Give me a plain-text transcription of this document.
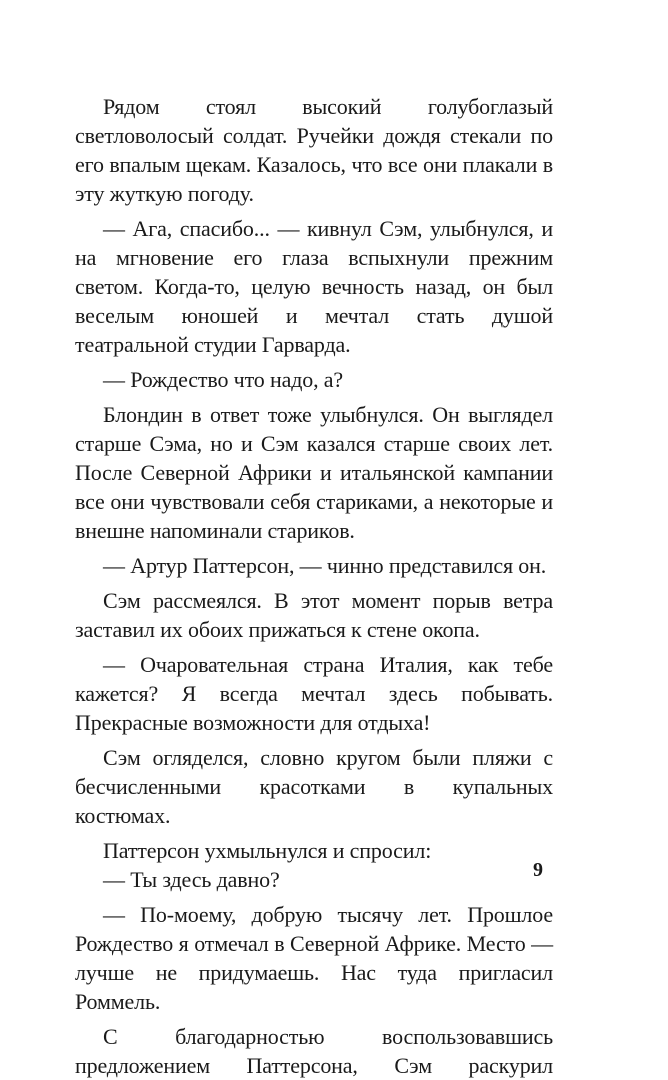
Рядом стоял высокий голубоглазый светловолосый солдат. Ручейки дождя стекали по его впалым щекам. Казалось, что все они плакали в эту жуткую погоду.

— Ага, спасибо... — кивнул Сэм, улыбнулся, и на мгновение его глаза вспыхнули прежним светом. Когда-то, целую вечность назад, он был веселым юношей и мечтал стать душой театральной студии Гарварда.

— Рождество что надо, а?

Блондин в ответ тоже улыбнулся. Он выглядел старше Сэма, но и Сэм казался старше своих лет. После Северной Африки и итальянской кампании все они чувствовали себя стариками, а некоторые и внешне напоминали стариков.

— Артур Паттерсон, — чинно представился он.

Сэм рассмеялся. В этот момент порыв ветра заставил их обоих прижаться к стене окопа.

— Очаровательная страна Италия, как тебе кажется? Я всегда мечтал здесь побывать. Прекрасные возможности для отдыха!

Сэм огляделся, словно кругом были пляжи с бесчисленными красотками в купальных костюмах.

Паттерсон ухмыльнулся и спросил:

— Ты здесь давно?

— По-моему, добрую тысячу лет. Прошлое Рождество я отмечал в Северной Африке. Место — лучше не придумаешь. Нас туда пригласил Роммель.

С благодарностью воспользовавшись предложением Паттерсона, Сэм раскурил

9
